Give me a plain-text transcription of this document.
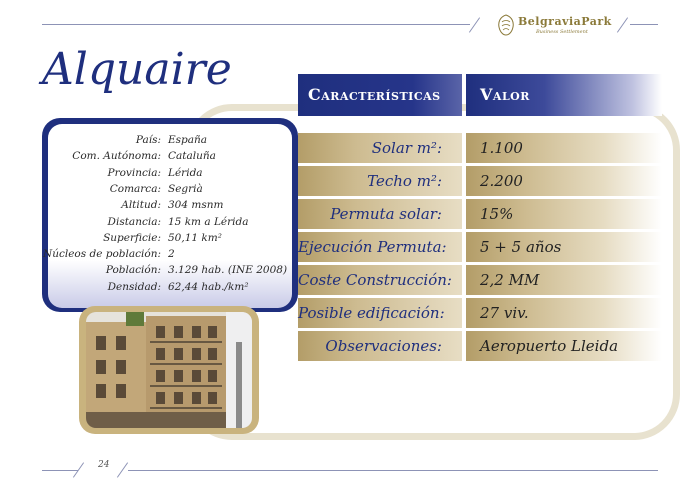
BelgraviaPark
Business Settlement
Alquaire
País: España
Com. Autónoma: Cataluña
Provincia: Lérida
Comarca: Segrià
Altitud: 304 msnm
Distancia: 15 km a Lérida
Superficie: 50,11 km²
Núcleos de población: 2
Población: 3.129 hab. (INE 2008)
Densidad: 62,44 hab./km²
Características	Valor
Solar m²:	1.100
Techo m²:	2.200
Permuta solar:	15%
Ejecución Permuta:	5 + 5 años
Coste Construcción:	2,2 MM
Posible edificación:	27 viv.
Observaciones:	Aeropuerto Lleida
24
